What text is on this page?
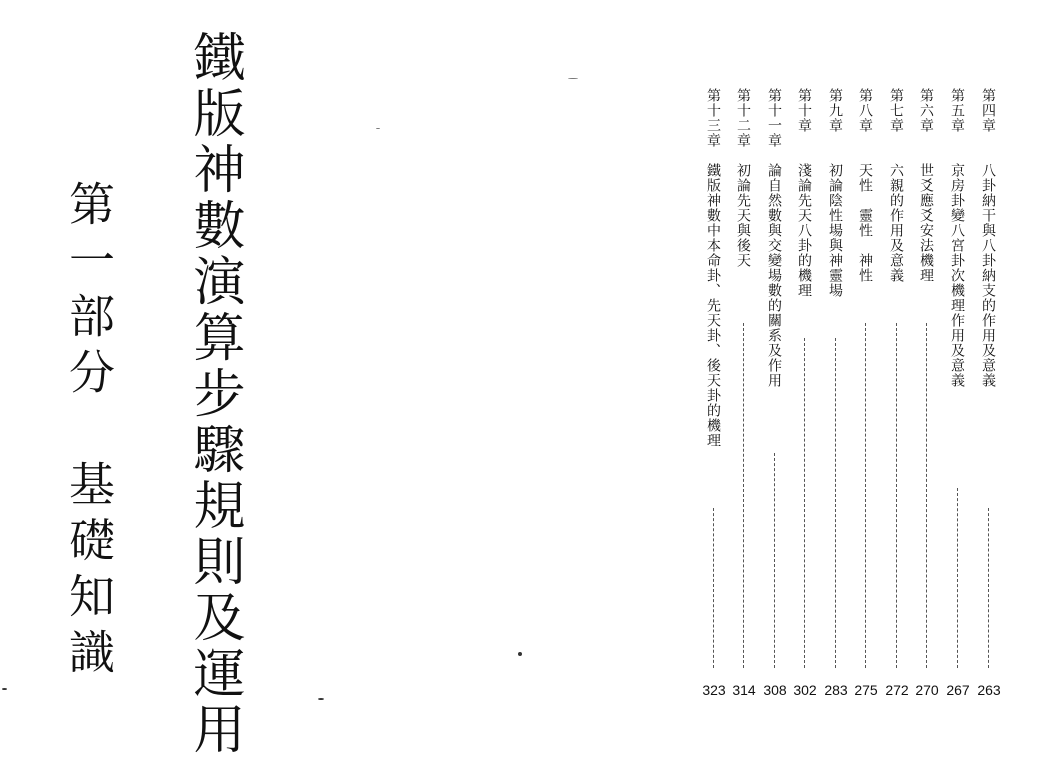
鐵版神數演算步驟規則及運用
第一部分　基礎知識
第四章
八卦納干與八卦納支的作用及意義
263
第五章
京房卦變八宮卦次機理作用及意義
267
第六章
世爻應爻安法機理
270
第七章
六親的作用及意義
272
第八章
天性　靈性　神性
275
第九章
初論陰性場與神靈場
283
第十章
淺論先天八卦的機理
302
第十一章
論自然數與交變場數的關系及作用
308
第十二章
初論先天與後天
314
第十三章
鐵版神數中本命卦、先天卦、後天卦的機理
323
